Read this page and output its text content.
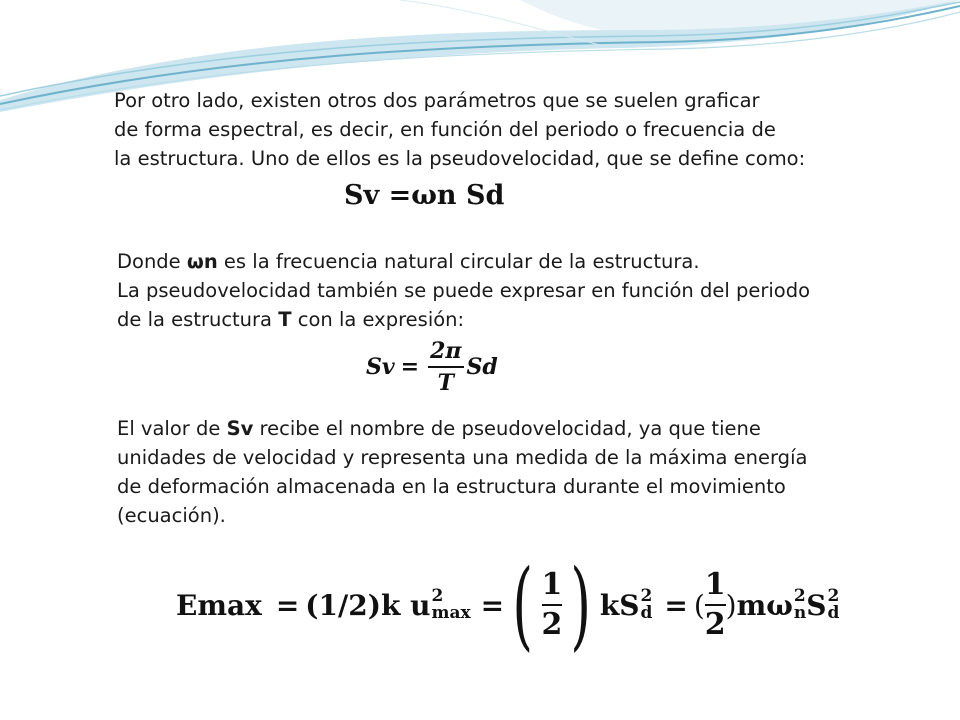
Por otro lado, existen otros dos parámetros que se suelen graficar
de forma espectral, es decir, en función del periodo o frecuencia de
la estructura. Uno de ellos es la pseudovelocidad, que se define como:
Sv =ωn Sd
Donde ωn es la frecuencia natural circular de la estructura.
La pseudovelocidad también se puede expresar en función del periodo
de la estructura T con la expresión:
$Sv = \frac{2\pi}{T}$ Sd
El valor de Sv recibe el nombre de pseudovelocidad, ya que tiene
unidades de velocidad y representa una medida de la máxima energía
de deformación almacenada en la estructura durante el movimiento
(ecuación).
Emax = (1/2)k u 2
max = ( 1
2 ) kS 2
d = (
1
2
) mω 2
n S 2
d
